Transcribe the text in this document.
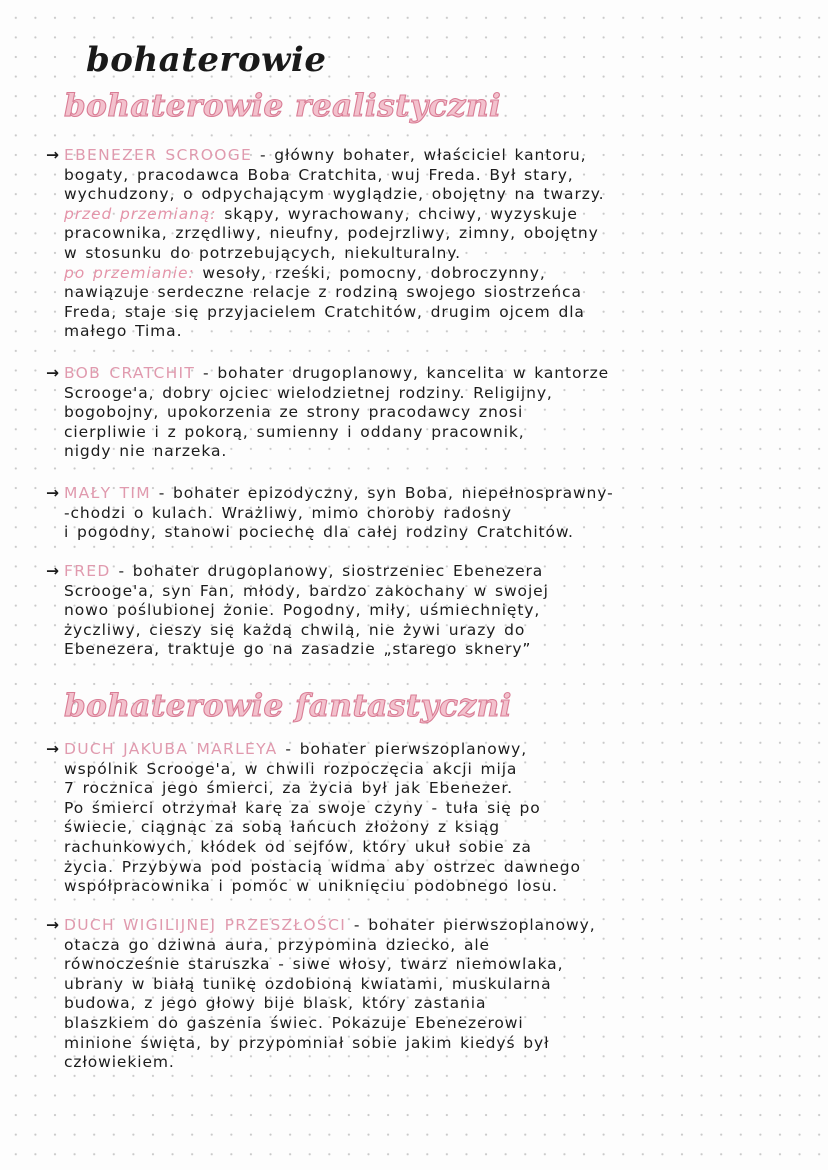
bohaterowie
bohaterowie realistyczni
→ EBENEZER SCROOGE - główny bohater, właściciel kantoru,
bogaty, pracodawca Boba Cratchita, wuj Freda. Był stary,
wychudzony, o odpychającym wyglądzie, obojętny na twarzy.
przed przemianą: skąpy, wyrachowany, chciwy, wyzyskuje
pracownika, zrzędliwy, nieufny, podejrzliwy, zimny, obojętny
w stosunku do potrzebujących, niekulturalny.
po przemianie: wesoły, rześki, pomocny, dobroczynny,
nawiązuje serdeczne relacje z rodziną swojego siostrzeńca
Freda, staje się przyjacielem Cratchitów, drugim ojcem dla
małego Tima.
→ BOB CRATCHIT - bohater drugoplanowy, kancelita w kantorze
Scrooge'a, dobry ojciec wielodzietnej rodziny. Religijny,
bogobojny, upokorzenia ze strony pracodawcy znosi
cierpliwie i z pokorą, sumienny i oddany pracownik,
nigdy nie narzeka.
→ MAŁY TIM - bohater epizodyczny, syn Boba, niepełnosprawny-
-chodzi o kulach. Wrażliwy, mimo choroby radosny
i pogodny, stanowi pociechę dla całej rodziny Cratchitów.
→ FRED - bohater drugoplanowy, siostrzeniec Ebenezera
Scrooge'a, syn Fan, młody, bardzo zakochany w swojej
nowo poślubionej żonie. Pogodny, miły, uśmiechnięty,
życzliwy, cieszy się każdą chwilą, nie żywi urazy do
Ebenezera, traktuje go na zasadzie „starego sknery”
bohaterowie fantastyczni
→ DUCH JAKUBA MARLEYA - bohater pierwszoplanowy,
wspólnik Scrooge'a, w chwili rozpoczęcia akcji mija
7 rocznica jego śmierci, za życia był jak Ebenezer.
Po śmierci otrzymał karę za swoje czyny - tuła się po
świecie, ciągnąc za sobą łańcuch złożony z ksiąg
rachunkowych, kłódek od sejfów, który ukuł sobie za
życia. Przybywa pod postacią widma aby ostrzec dawnego
współpracownika i pomóc w uniknięciu podobnego losu.
→ DUCH WIGILIJNEJ PRZESZŁOŚCI - bohater pierwszoplanowy,
otacza go dziwna aura, przypomina dziecko, ale
równocześnie staruszka - siwe włosy, twarz niemowlaka,
ubrany w białą tunikę ozdobioną kwiatami, muskularna
budowa, z jego głowy bije blask, który zastania
blaszkiem do gaszenia świec. Pokazuje Ebenezerowi
minione święta, by przypomniał sobie jakim kiedyś był
człowiekiem.
